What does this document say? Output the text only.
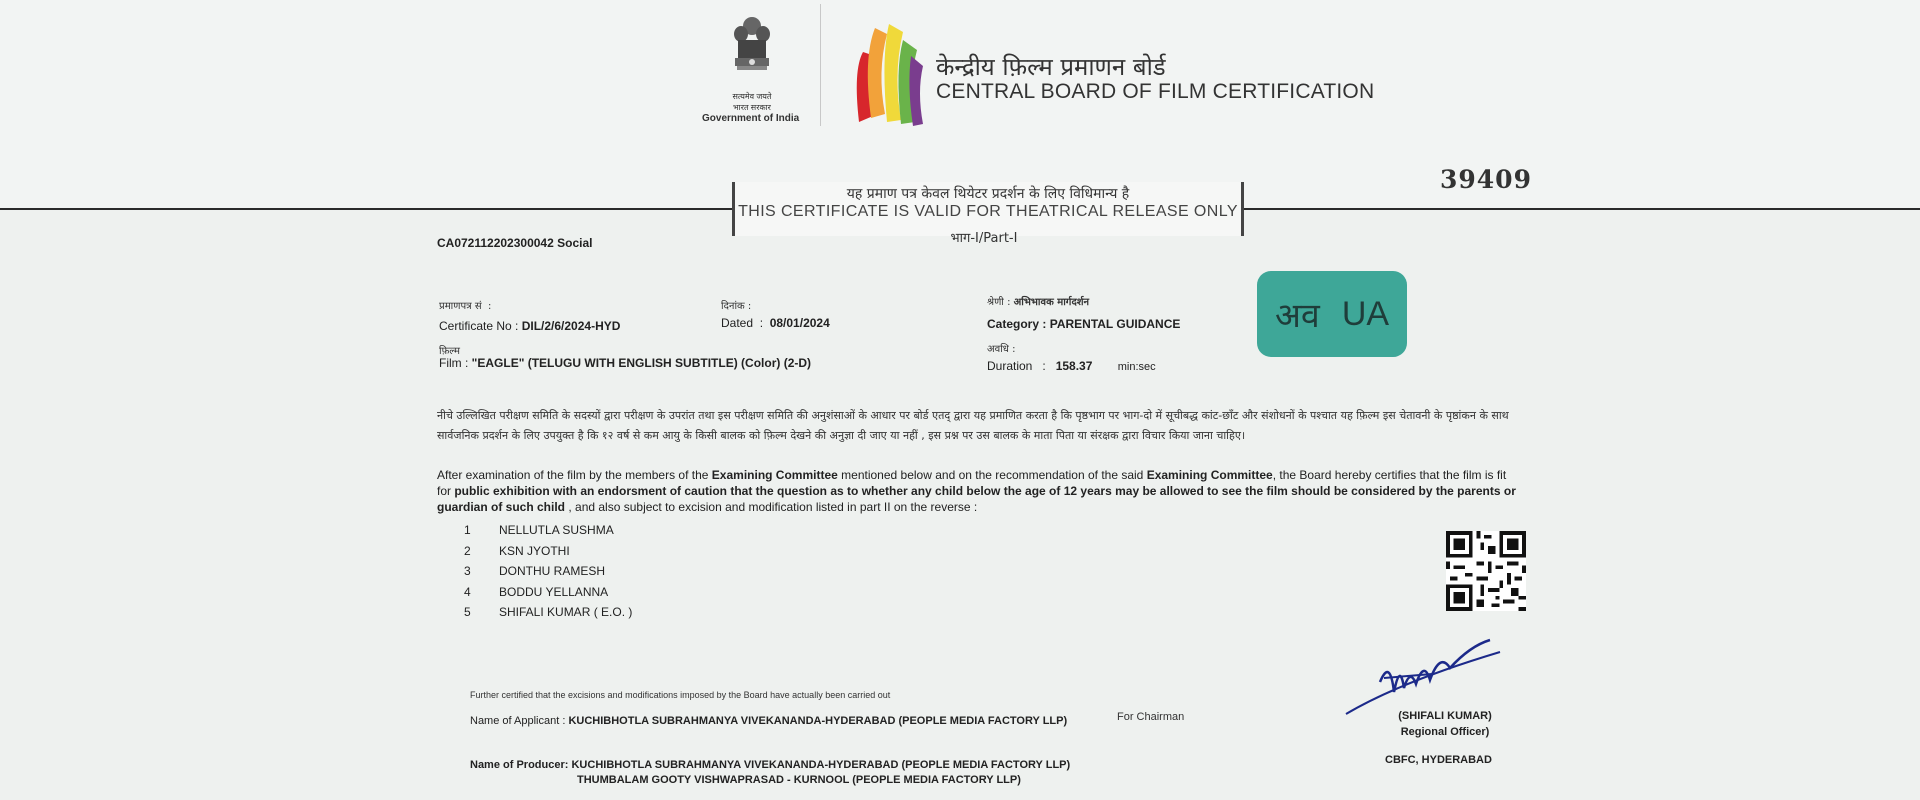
सत्यमेव जयते
भारत सरकार
Government of India
केन्द्रीय फ़िल्म प्रमाणन बोर्ड
CENTRAL BOARD OF FILM CERTIFICATION
39409
यह प्रमाण पत्र केवल थियेटर प्रदर्शन के लिए विधिमान्य है
THIS CERTIFICATE IS VALID FOR THEATRICAL RELEASE ONLY
भाग-I/Part-I
CA072112202300042 Social
प्रमाणपत्र सं  :
Certificate No : DIL/2/6/2024-HYD
दिनांक :
Dated  :  08/01/2024
श्रेणी : अभिभावक मार्गदर्शन
Category : PARENTAL GUIDANCE
फ़िल्म
Film : "EAGLE" (TELUGU WITH ENGLISH SUBTITLE) (Color) (2-D)
अवधि :
Duration   :   158.37 min:sec
अव UA
नीचे उल्लिखित परीक्षण समिति के सदस्यों द्वारा परीक्षण के उपरांत तथा इस परीक्षण समिति की अनुशंसाओं के आधार पर बोर्ड एतद् द्वारा यह प्रमाणित करता है कि पृष्ठभाग पर भाग-दो में सूचीबद्ध कांट-छाँट और संशोधनों के पश्चात यह फ़िल्म इस चेतावनी के पृष्ठांकन के साथ सार्वजनिक प्रदर्शन के लिए उपयुक्त है कि १२ वर्ष से कम आयु के किसी बालक को फ़िल्म देखने की अनुज्ञा दी जाए या नहीं , इस प्रश्न पर उस बालक के माता पिता या संरक्षक द्वारा विचार किया जाना चाहिए।
After examination of the film by the members of the Examining Committee mentioned below and on the recommendation of the said Examining Committee, the Board hereby certifies that the film is fit for public exhibition with an endorsment of caution that the question as to whether any child below the age of 12 years may be allowed to see the film should be considered by the parents or guardian of such child , and also subject to excision and modification listed in part II on the reverse :
1	NELLUTLA SUSHMA
2	KSN JYOTHI
3	DONTHU RAMESH
4	BODDU YELLANNA
5	SHIFALI KUMAR ( E.O. )
Further certified that the excisions and modifications imposed by the Board have actually been carried out
Name of Applicant : KUCHIBHOTLA SUBRAHMANYA VIVEKANANDA-HYDERABAD (PEOPLE MEDIA FACTORY LLP)	For Chairman
Name of Producer: KUCHIBHOTLA SUBRAHMANYA VIVEKANANDA-HYDERABAD (PEOPLE MEDIA FACTORY LLP)
THUMBALAM GOOTY VISHWAPRASAD - KURNOOL (PEOPLE MEDIA FACTORY LLP)
(SHIFALI KUMAR)
Regional Officer)
CBFC, HYDERABAD
